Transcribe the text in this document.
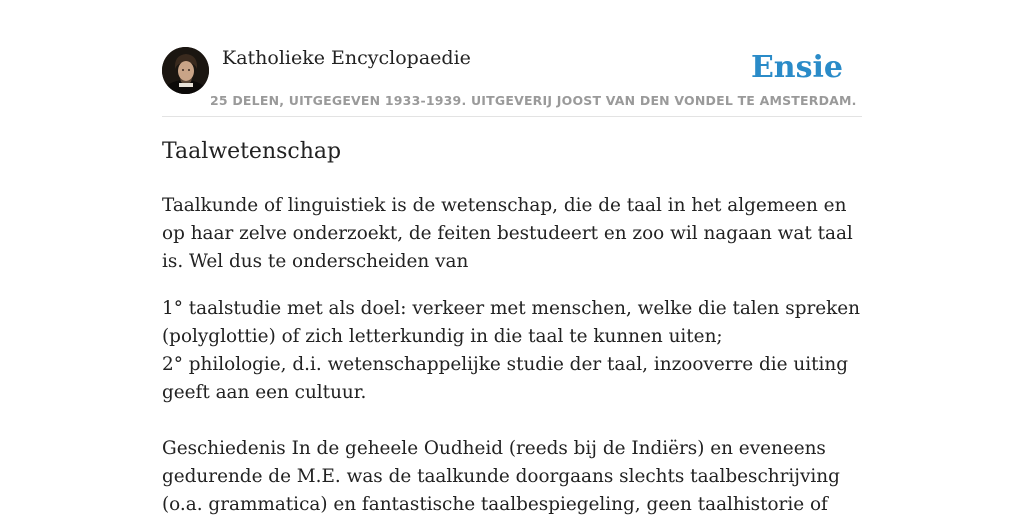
Katholieke Encyclopaedie
25 DELEN, UITGEGEVEN 1933-1939. UITGEVERIJ JOOST VAN DEN VONDEL TE AMSTERDAM.
Ensie
Taalwetenschap

Taalkunde of linguistiek is de wetenschap, die de taal in het algemeen en op haar zelve onderzoekt, de feiten bestudeert en zoo wil nagaan wat taal is. Wel dus te onderscheiden van

1° taalstudie met als doel: verkeer met menschen, welke die talen spreken (polyglottie) of zich letterkundig in die taal te kunnen uiten;

2° philologie, d.i. wetenschappelijke studie der taal, inzooverre die uiting geeft aan een cultuur.

Geschiedenis In de geheele Oudheid (reeds bij de Indiërs) en eveneens gedurende de M.E. was de taalkunde doorgaans slechts taalbeschrijving (o.a. grammatica) en fantastische taalbespiegeling, geen taalhistorie of
